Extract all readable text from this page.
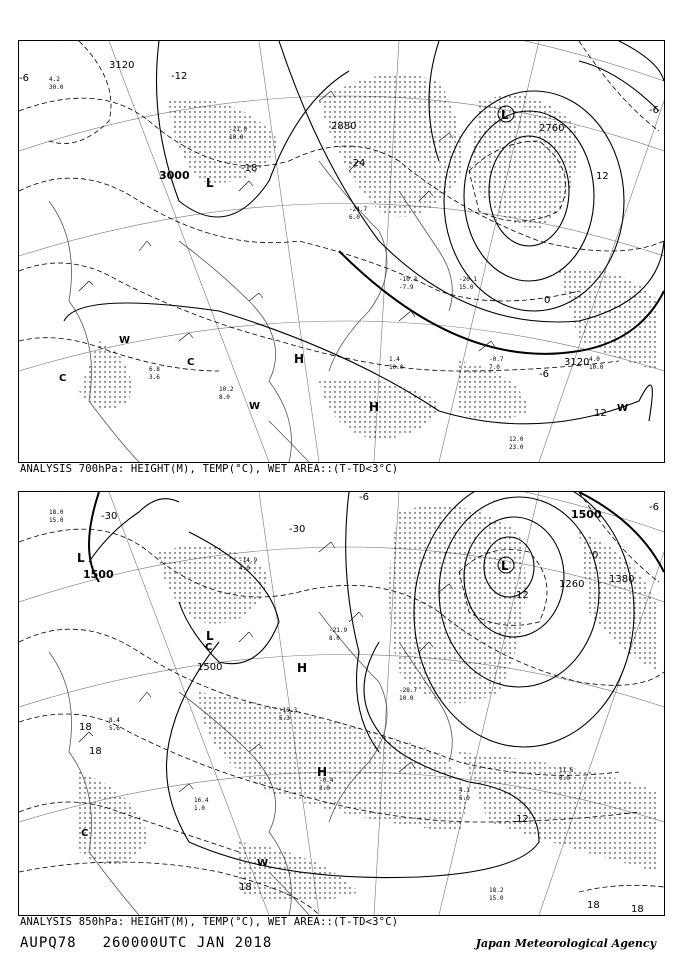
4.2
30.0
-21.0
10.0
-24.7
6.0
-10.3
-7.9
-20.1
15.0
1.4
10.0
-0.7
7.0
4.0
10.0
12.0
23.0
6.8
3.6
10.2
8.0
3000
2880	2760
3120
3120
-12
-18	-24
-6
0
-6
12
12
-6
L
L
H
H
W
W
C
C
W
ANALYSIS 700hPa: HEIGHT(M), TEMP(°C), WET AREA::(T-TD<3°C)
18.0
15.0
-14.9
4.0
-21.9
8.0
-28.7
10.0
-10.3
5.3
-0.4
3.0	4.3
5.0
11.6
0.0
18.2
15.0
8.4
5.6
16.4
1.0
1500
1500
1380
1260
1500
-30
-30
-6
0
12
18
18
18
18	18
12
-6
L
L
L
H
H
W
C
C
ANALYSIS 850hPa: HEIGHT(M), TEMP(°C), WET AREA::(T-TD<3°C)
AUPQ78 260000UTC JAN 2018	Japan Meteorological Agency
